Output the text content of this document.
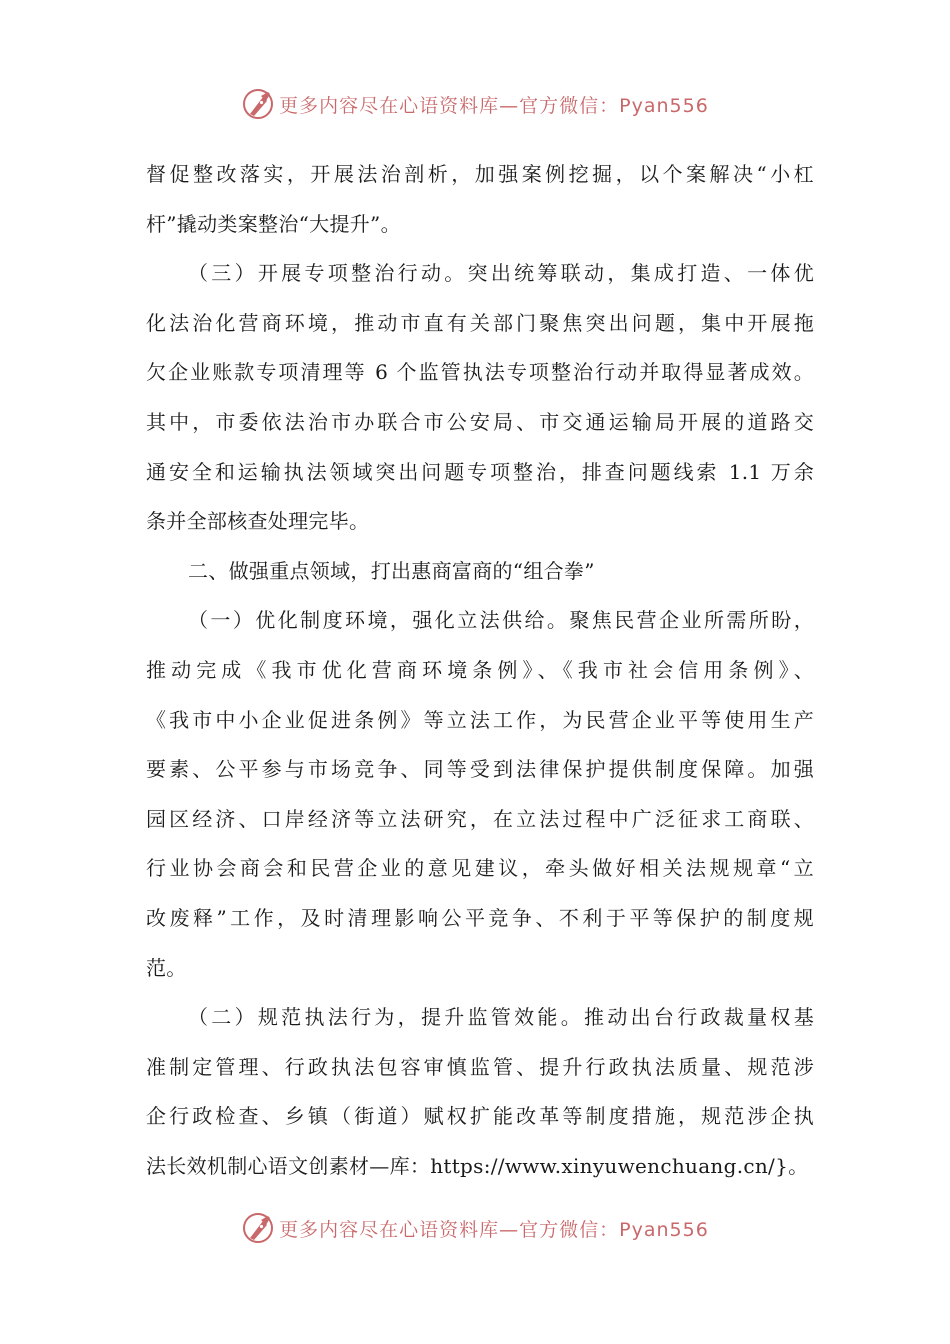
更多内容尽在心语资料库—官方微信：Pyan556
督促整改落实，开展法治剖析，加强案例挖掘，以个案解决“小杠
杆”撬动类案整治“大提升”。
（三）开展专项整治行动。突出统筹联动，集成打造、一体优
化法治化营商环境，推动市直有关部门聚焦突出问题，集中开展拖
欠企业账款专项清理等 6 个监管执法专项整治行动并取得显著成效。
其中，市委依法治市办联合市公安局、市交通运输局开展的道路交
通安全和运输执法领域突出问题专项整治，排查问题线索 1.1 万余
条并全部核查处理完毕。
二、做强重点领域，打出惠商富商的“组合拳”
（一）优化制度环境，强化立法供给。聚焦民营企业所需所盼，
推动完成《我市优化营商环境条例》、《我市社会信用条例》、
《我市中小企业促进条例》等立法工作，为民营企业平等使用生产
要素、公平参与市场竞争、同等受到法律保护提供制度保障。加强
园区经济、口岸经济等立法研究，在立法过程中广泛征求工商联、
行业协会商会和民营企业的意见建议，牵头做好相关法规规章“立
改废释”工作，及时清理影响公平竞争、不利于平等保护的制度规
范。
（二）规范执法行为，提升监管效能。推动出台行政裁量权基
准制定管理、行政执法包容审慎监管、提升行政执法质量、规范涉
企行政检查、乡镇（街道）赋权扩能改革等制度措施，规范涉企执
法长效机制心语文创素材—库：https://www.xinyuwenchuang.cn/}。
更多内容尽在心语资料库—官方微信：Pyan556
